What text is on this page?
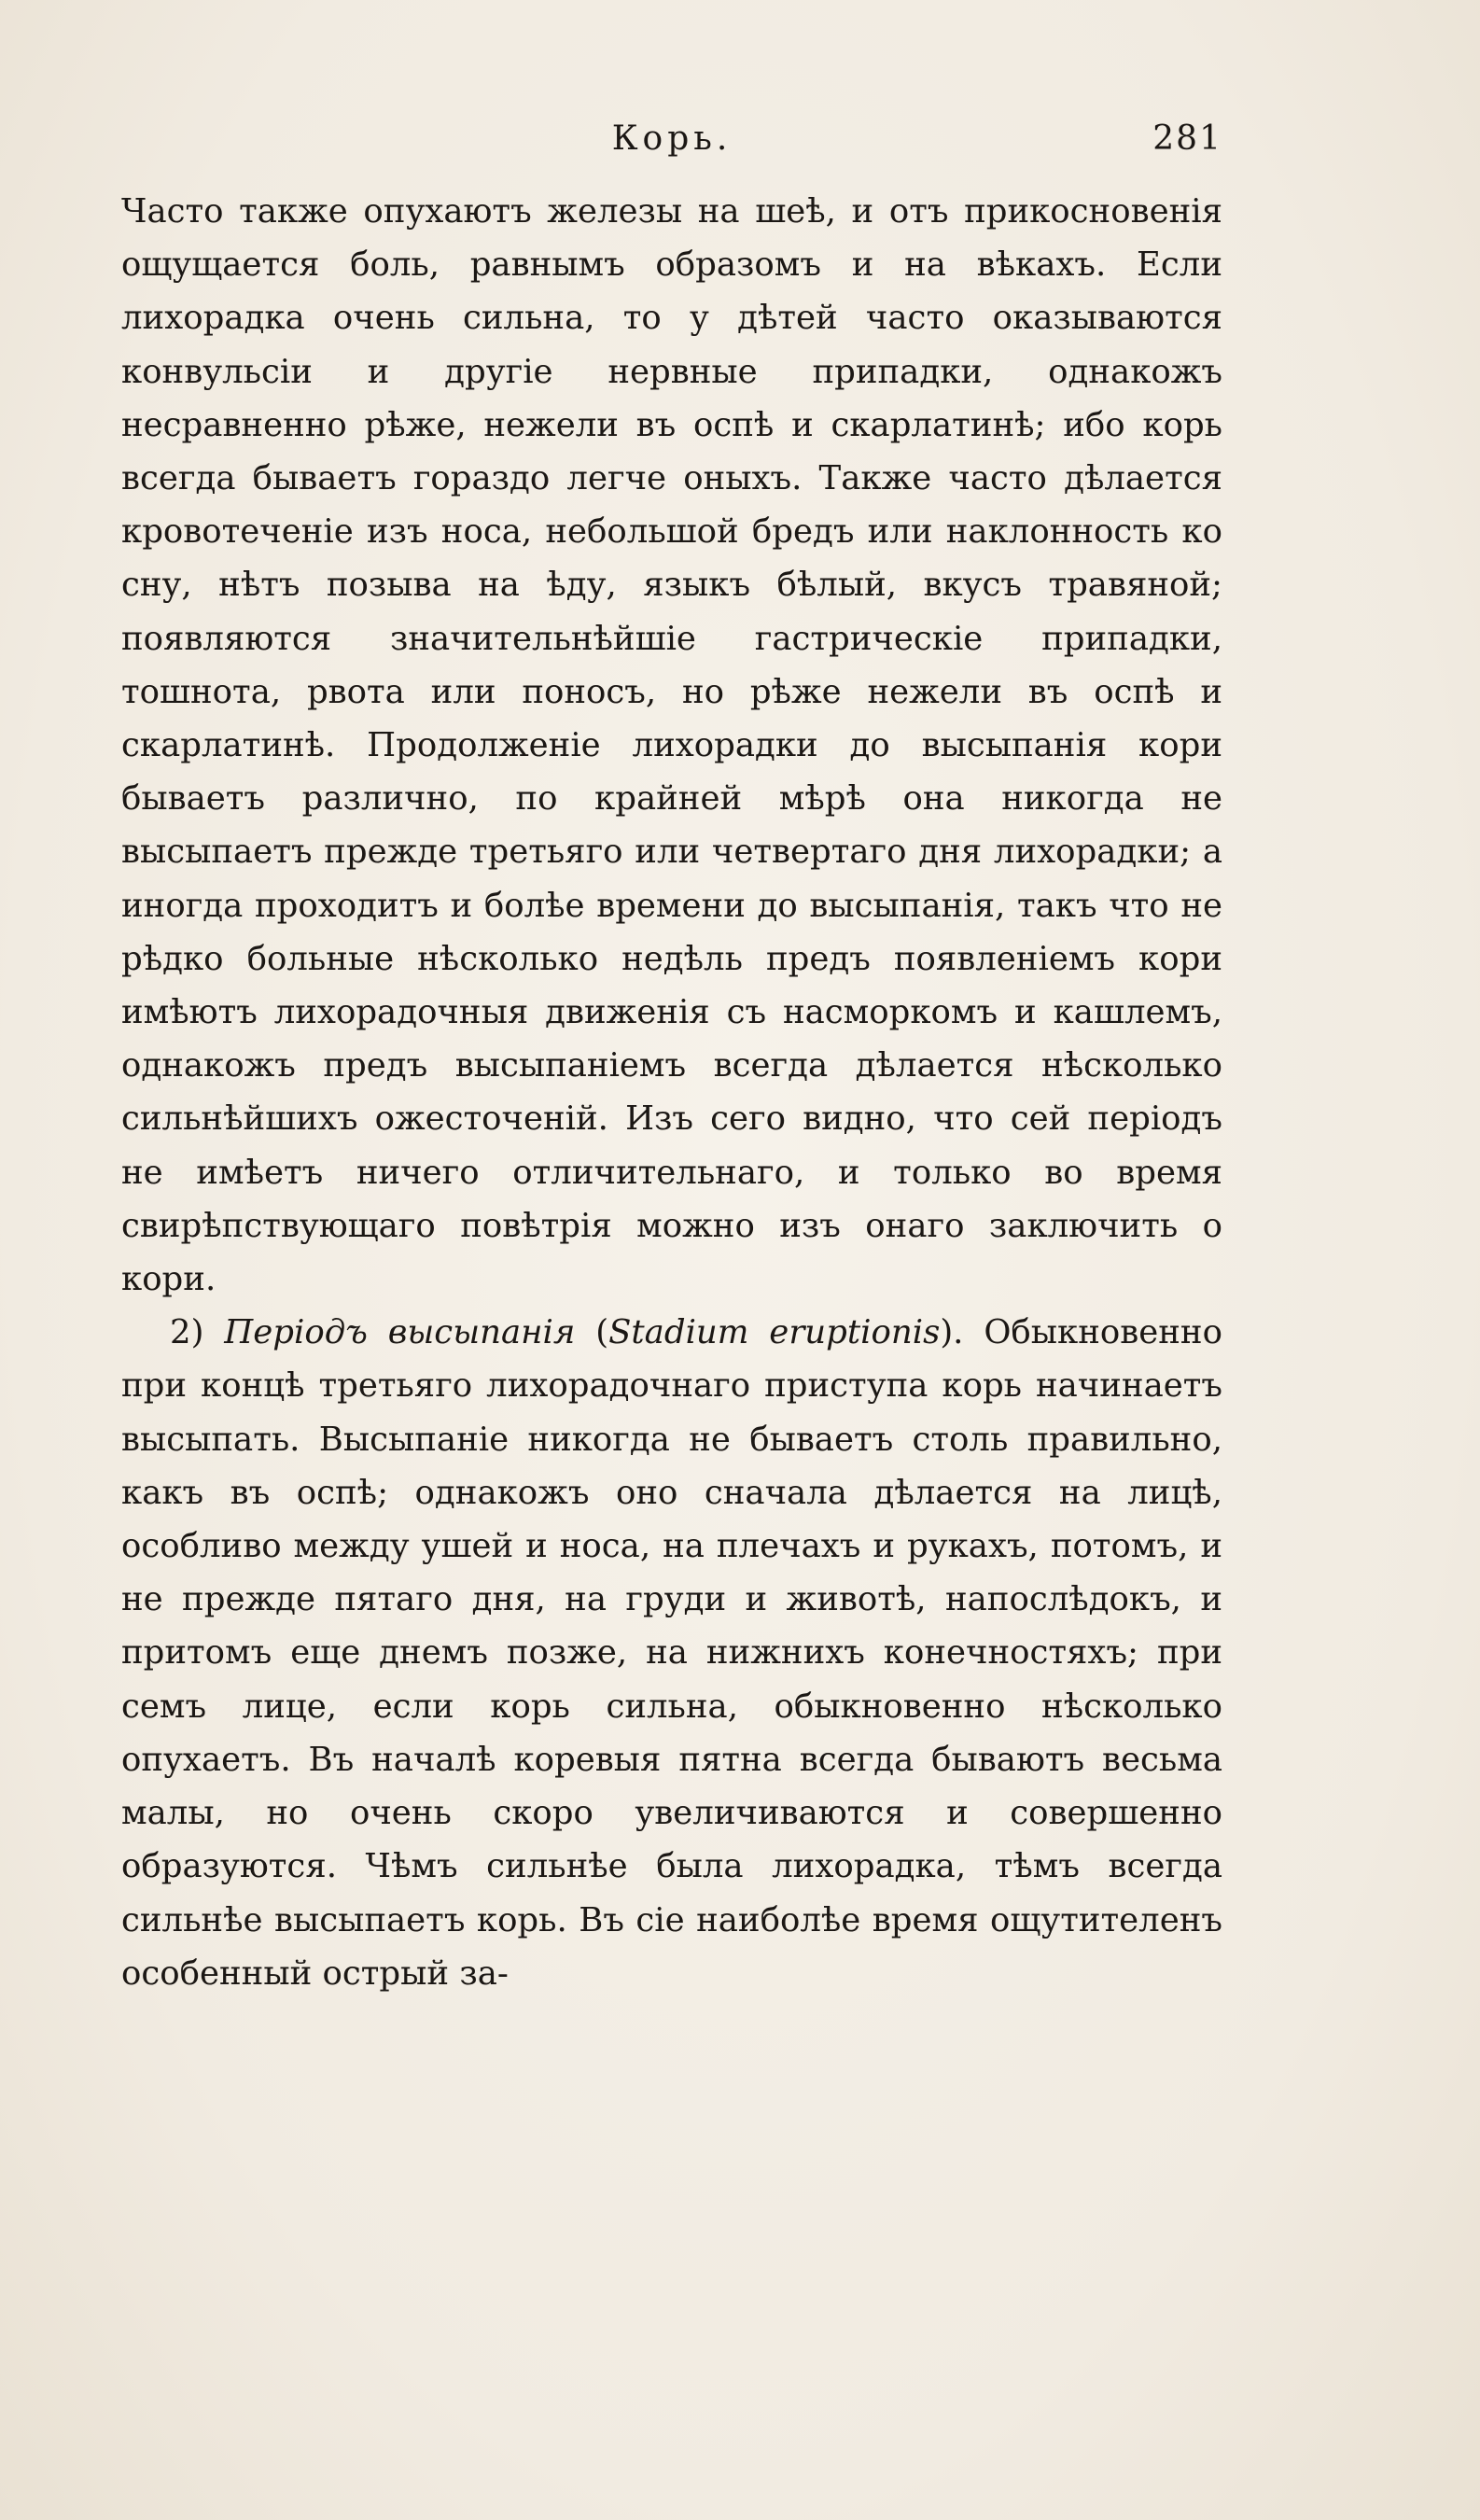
Корь.	281

Часто также опухаютъ железы на шеѣ, и отъ прикосновенія ощущается боль, равнымъ образомъ и на вѣкахъ. Если лихорадка очень сильна, то у дѣтей часто оказываются конвульсіи и другіе нервные припадки, однакожъ несравненно рѣже, нежели въ оспѣ и скарлатинѣ; ибо корь всегда бываетъ гораздо легче оныхъ. Также часто дѣлается кровотеченіе изъ носа, небольшой бредъ или наклонность ко сну, нѣтъ позыва на ѣду, языкъ бѣлый, вкусъ травяной; появляются значительнѣйшіе гастрическіе припадки, тошнота, рвота или поносъ, но рѣже нежели въ оспѣ и скарлатинѣ. Продолженіе лихорадки до высыпанія кори бываетъ различно, по крайней мѣрѣ она никогда не высыпаетъ прежде третьяго или четвертаго дня лихорадки; а иногда проходитъ и болѣе времени до высыпанія, такъ что не рѣдко больные нѣсколько недѣль предъ появленіемъ кори имѣютъ лихорадочныя движенія съ насморкомъ и кашлемъ, однакожъ предъ высыпаніемъ всегда дѣлается нѣсколько сильнѣйшихъ ожесточеній. Изъ сего видно, что сей періодъ не имѣетъ ничего отличительнаго, и только во время свирѣпствующаго повѣтрія можно изъ онаго заключить о кори.

2) Періодъ высыпанія (Stadium eruptionis). Обыкновенно при концѣ третьяго лихорадочнаго приступа корь начинаетъ высыпать. Высыпаніе никогда не бываетъ столь правильно, какъ въ оспѣ; однакожъ оно сначала дѣлается на лицѣ, особливо между ушей и носа, на плечахъ и рукахъ, потомъ, и не прежде пятаго дня, на груди и животѣ, напослѣдокъ, и притомъ еще днемъ позже, на нижнихъ конечностяхъ; при семъ лице, если корь сильна, обыкновенно нѣсколько опухаетъ. Въ началѣ коревыя пятна всегда бываютъ весьма малы, но очень скоро увеличиваются и совершенно образуются. Чѣмъ сильнѣе была лихорадка, тѣмъ всегда сильнѣе высыпаетъ корь. Въ сіе наиболѣе время ощутителенъ особенный острый за-
